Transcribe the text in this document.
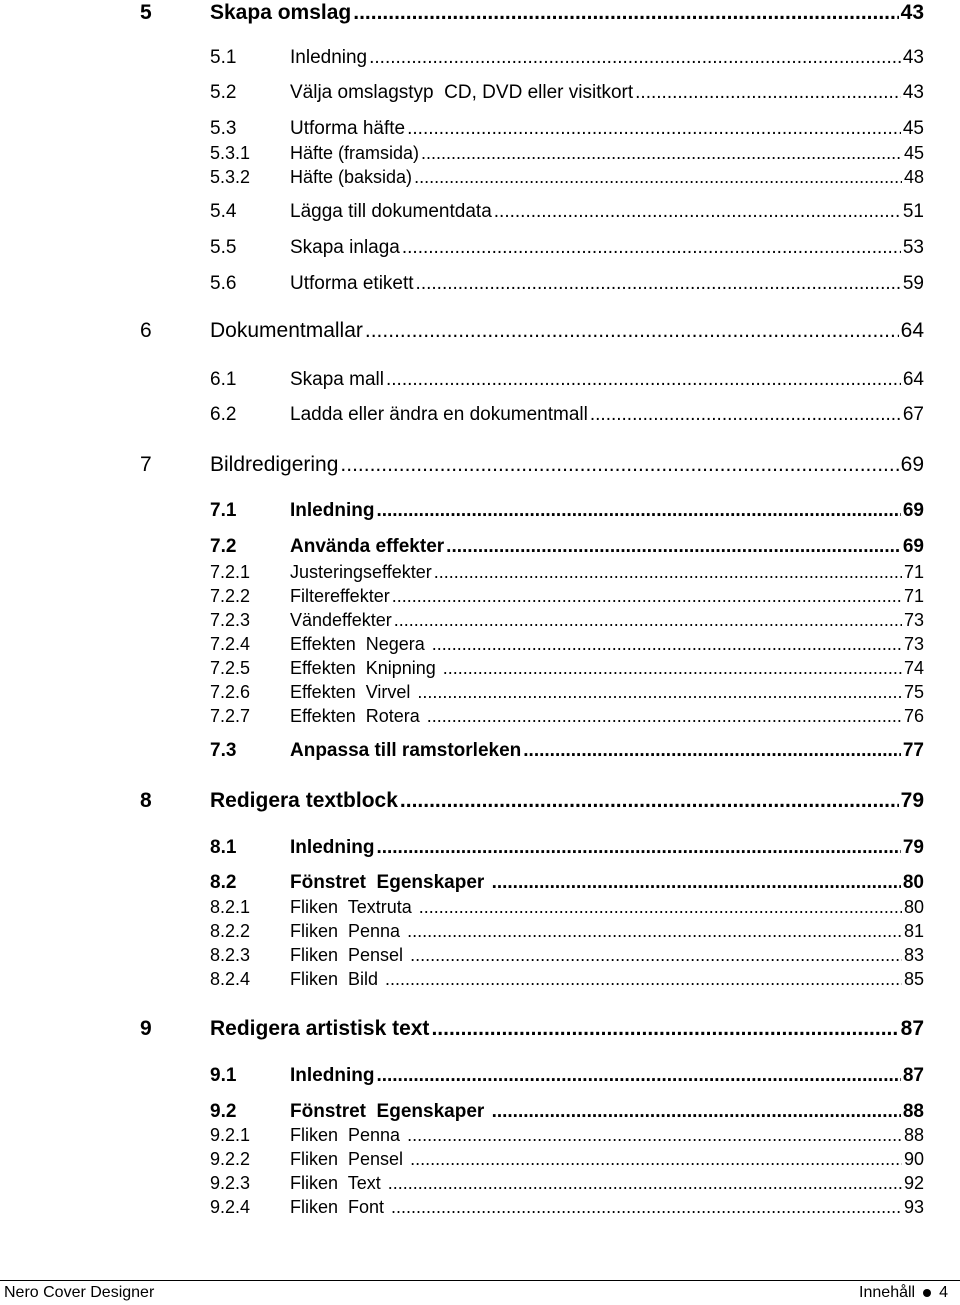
5	Skapa omslag .....	43
5.1	Inledning .....	43
5.2	Välja omslagstyp  CD, DVD eller visitkort .....	43
5.3	Utforma häfte .....	45
5.3.1 Häfte (framsida) .....	45
5.3.2 Häfte (baksida) .....	48
5.4	Lägga till dokumentdata .....	51
5.5	Skapa inlaga .....	53
5.6	Utforma etikett .....	59
6	Dokumentmallar .....	64
6.1	Skapa mall .....	64
6.2	Ladda eller ändra en dokumentmall .....	67
7	Bildredigering .....	69
7.1	Inledning .....	69
7.2	Använda effekter .....	69
7.2.1 Justeringseffekter .....	71
7.2.2 Filtereffekter .....	71
7.2.3 Vändeffekter .....	73
7.2.4 Effekten  Negera .....	73
7.2.5 Effekten  Knipning .....	74
7.2.6 Effekten  Virvel .....	75
7.2.7 Effekten  Rotera .....	76
7.3	Anpassa till ramstorleken .....	77
8	Redigera textblock .....	79
8.1	Inledning .....	79
8.2	Fönstret  Egenskaper .....	80
8.2.1 Fliken  Textruta .....	80
8.2.2 Fliken  Penna .....	81
8.2.3 Fliken  Pensel .....	83
8.2.4 Fliken  Bild .....	85
9	Redigera artistisk text .....	87
9.1	Inledning .....	87
9.2	Fönstret  Egenskaper .....	88
9.2.1 Fliken  Penna .....	88
9.2.2 Fliken  Pensel .....	90
9.2.3 Fliken  Text .....	92
9.2.4 Fliken  Font .....	93
Nero Cover Designer	Innehåll 4
